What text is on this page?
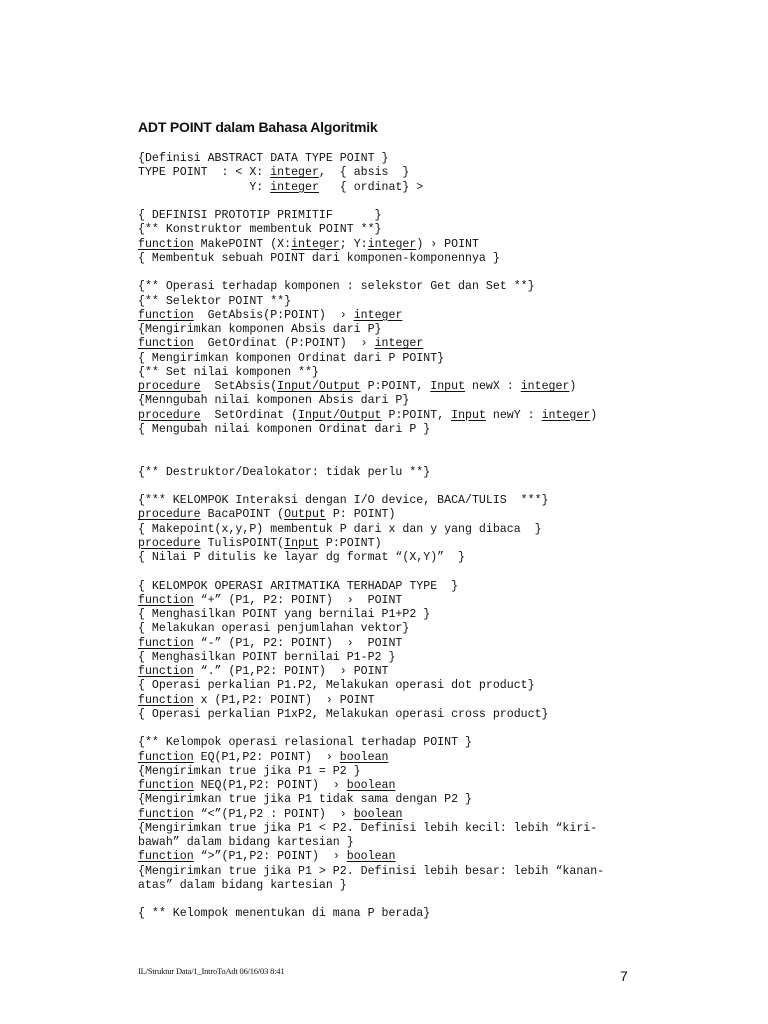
ADT POINT dalam Bahasa Algoritmik
{Definisi ABSTRACT DATA TYPE POINT }
TYPE POINT  : < X: integer,  { absis  }
Y: integer   { ordinat} >

{ DEFINISI PROTOTIP PRIMITIF      }
{** Konstruktor membentuk POINT **}
function MakePOINT (X:integer; Y:integer) › POINT
{ Membentuk sebuah POINT dari komponen-komponennya }

{** Operasi terhadap komponen : selekstor Get dan Set **}
{** Selektor POINT **}
function  GetAbsis(P:POINT)  › integer
{Mengirimkan komponen Absis dari P}
function  GetOrdinat (P:POINT)  › integer
{ Mengirimkan komponen Ordinat dari P POINT}
{** Set nilai komponen **}
procedure  SetAbsis(Input/Output P:POINT, Input newX : integer)
{Menngubah nilai komponen Absis dari P}
procedure  SetOrdinat (Input/Output P:POINT, Input newY : integer)
{ Mengubah nilai komponen Ordinat dari P }

{** Destruktor/Dealokator: tidak perlu **}

{*** KELOMPOK Interaksi dengan I/O device, BACA/TULIS  ***}
procedure BacaPOINT (Output P: POINT)
{ Makepoint(x,y,P) membentuk P dari x dan y yang dibaca  }
procedure TulisPOINT(Input P:POINT)
{ Nilai P ditulis ke layar dg format “(X,Y)”  }

{ KELOMPOK OPERASI ARITMATIKA TERHADAP TYPE  }
function “+” (P1, P2: POINT)  ›  POINT
{ Menghasilkan POINT yang bernilai P1+P2 }
{ Melakukan operasi penjumlahan vektor}
function “-” (P1, P2: POINT)  ›  POINT
{ Menghasilkan POINT bernilai P1-P2 }
function “.” (P1,P2: POINT)  › POINT
{ Operasi perkalian P1.P2, Melakukan operasi dot product}
function x (P1,P2: POINT)  › POINT
{ Operasi perkalian P1xP2, Melakukan operasi cross product}

{** Kelompok operasi relasional terhadap POINT }
function EQ(P1,P2: POINT)  › boolean
{Mengirimkan true jika P1 = P2 }
function NEQ(P1,P2: POINT)  › boolean
{Mengirimkan true jika P1 tidak sama dengan P2 }
function “<”(P1,P2 : POINT)  › boolean
{Mengirimkan true jika P1 < P2. Definisi lebih kecil: lebih “kiri-
bawah” dalam bidang kartesian }
function “>”(P1,P2: POINT)  › boolean
{Mengirimkan true jika P1 > P2. Definisi lebih besar: lebih “kanan-
atas” dalam bidang kartesian }

{ ** Kelompok menentukan di mana P berada}
IL/Struktur Data/1_IntroToAdt 06/16/03 8:41	7
